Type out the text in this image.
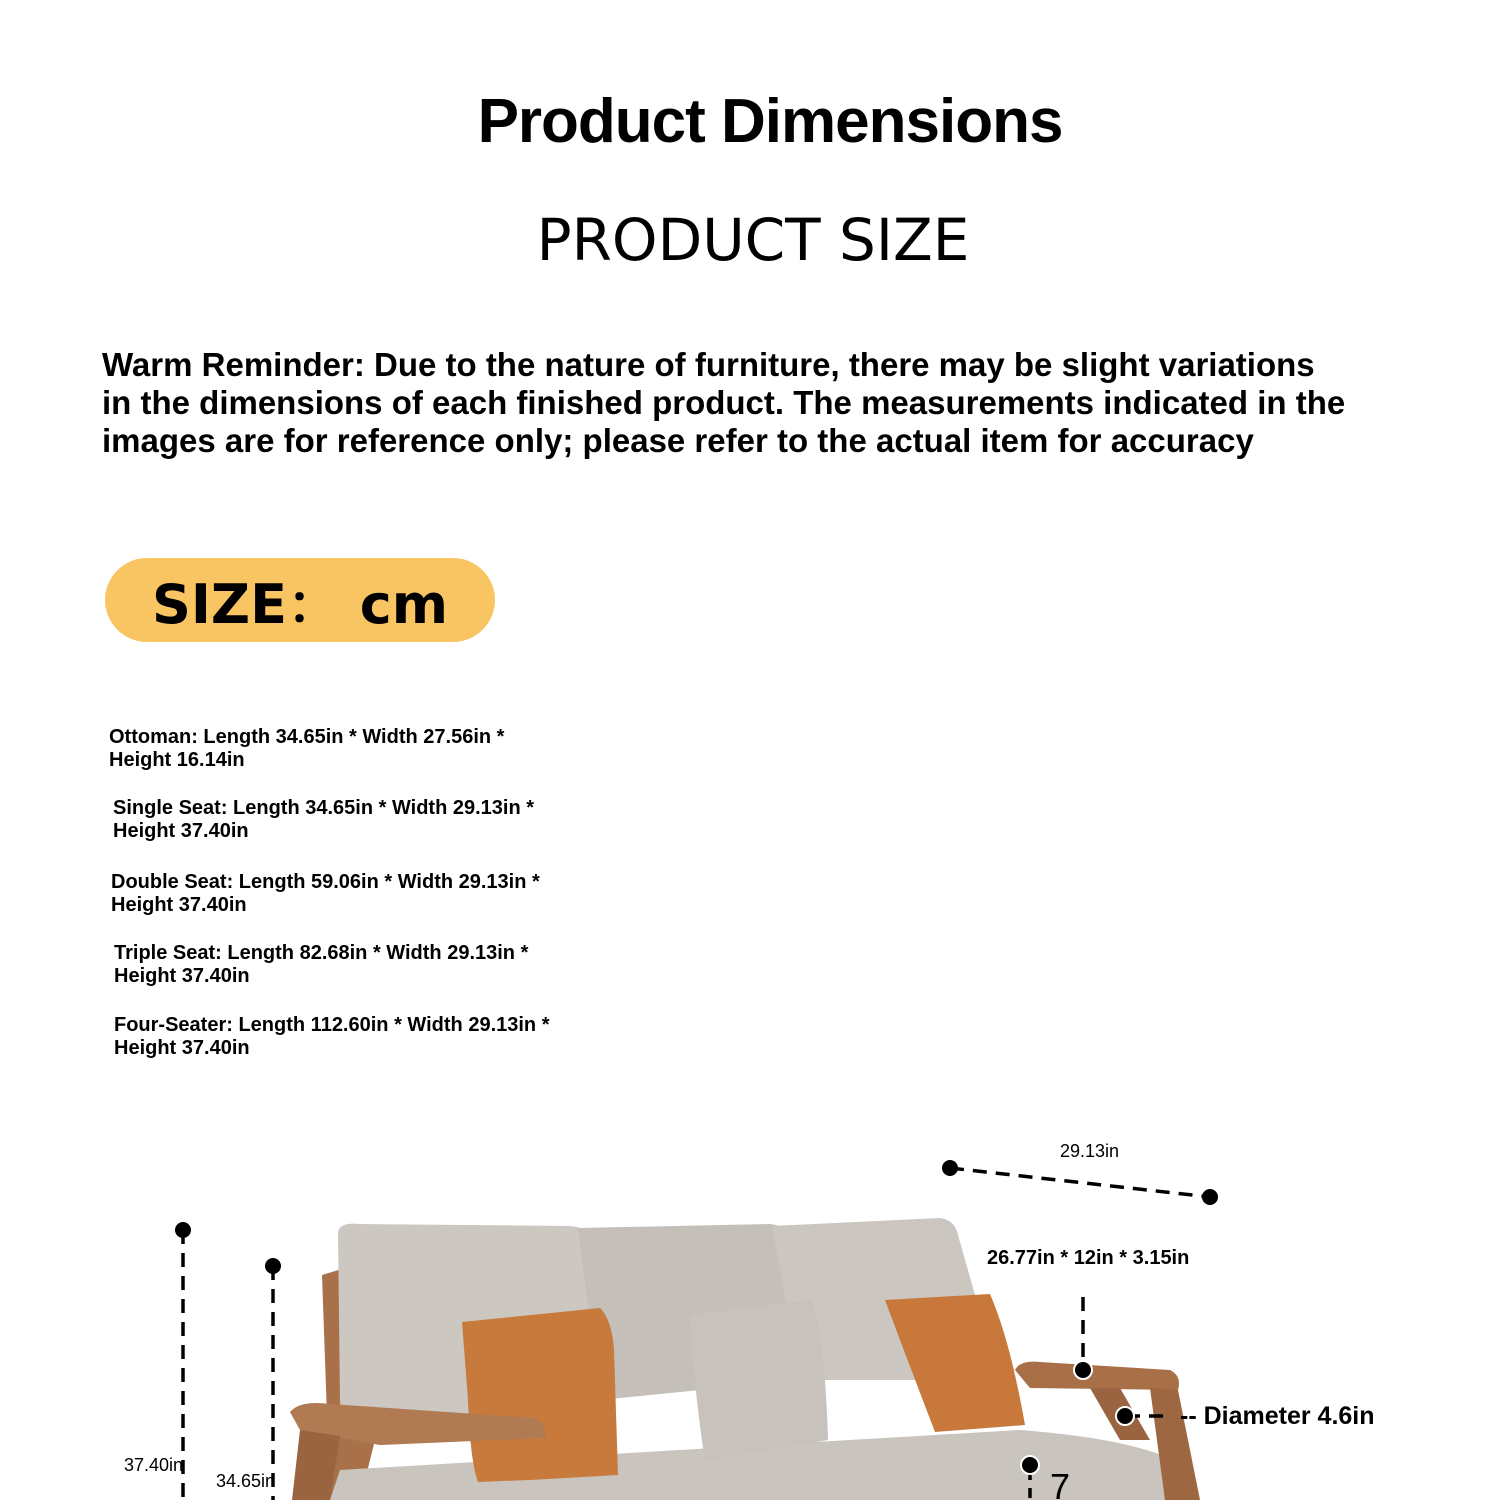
Product Dimensions
PRODUCT SIZE
Warm Reminder: Due to the nature of furniture, there may be slight variations
in the dimensions of each finished product. The measurements indicated in the
images are for reference only; please refer to the actual item for accuracy
SIZE： cm
Ottoman: Length 34.65in * Width 27.56in *
Height 16.14in
Single Seat: Length 34.65in * Width 29.13in *
Height 37.40in
Double Seat: Length 59.06in * Width 29.13in *
Height 37.40in
Triple Seat: Length 82.68in * Width 29.13in *
Height 37.40in
Four-Seater: Length 112.60in * Width 29.13in *
Height 37.40in
29.13in
26.77in * 12in * 3.15in
-- Diameter 4.6in
37.40in
34.65in	7
